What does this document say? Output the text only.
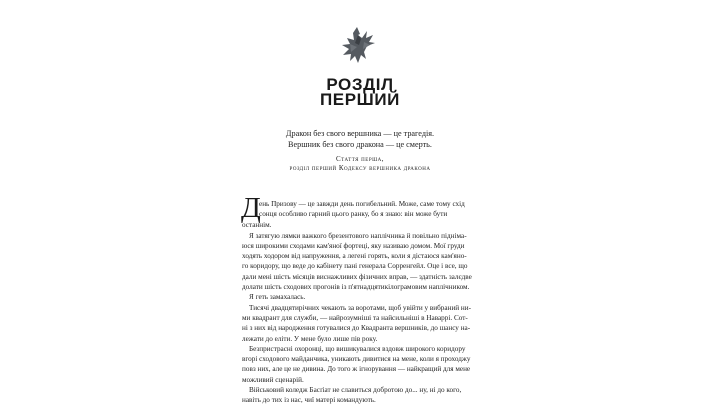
РОЗДІЛ
ПЕРШИЙ
Дракон без свого вершника — це трагедія.
Вершник без свого дракона — це смерть.
Стаття перша,
розділ перший Кодексу вершника дракона
Д
ень Призову — це завжди день погибельний. Може, саме тому схід
сонця особливо гарний цього ранку, бо я знаю: він може бути
останнім.
Я затягую лямки важкого брезентового наплічника й повільно підніма-
юся широкими сходами кам'яної фортеці, яку називаю домом. Мої груди
ходять ходором від напруження, а легені горять, коли я дістаюся кам'яно-
го коридору, що веде до кабінету пані генерала Сорренгейл. Оце і все, що
дали мені шість місяців виснажливих фізичних вправ, — здатність залєдве
долати шість сходових прогонів із п'ятнадцятикілограмовим наплічником.
Я геть замахалась.
Тисячі двадцятирічних чекають за воротами, щоб увійти у вибраний ни-
ми квадрант для служби, — найрозумніші та найсильніші в Наваррі. Сот-
ні з них від народження готувалися до Квадранта вершників, до шансу на-
лежати до еліти. У мене було лише пів року.
Безпристрасні охоронці, що вишикувалися вздовж широкого коридору
вгорі сходового майданчика, уникають дивитися на мене, коли я проходжу
повз них, але це не дивина. До того ж ігнорування — найкращий для мене
можливий сценарій.
Військовий коледж Басґіат не славиться добротою до... ну, ні до кого,
навіть до тих із нас, чиї матері командують.
